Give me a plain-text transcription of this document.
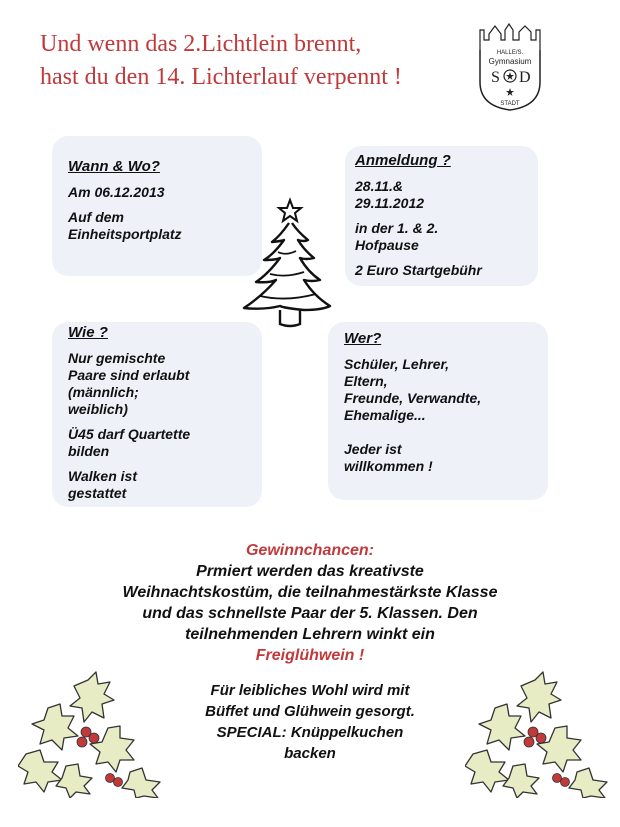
Und wenn das 2.Lichtlein brennt,
hast du den 14. Lichterlauf verpennt !
HALLE/S.
Gymnasium
S D
STADT
Wann & Wo?
Am 06.12.2013
Auf dem
Einheitsportplatz
Anmeldung ?
28.11.&
29.11.2012
in der 1. & 2.
Hofpause
2 Euro Startgebühr
Wie ?
Nur gemischte
Paare sind erlaubt
(männlich;
weiblich)
Ü45 darf Quartette
bilden
Walken ist
gestattet
Wer?
Schüler, Lehrer,
Eltern,
Freunde, Verwandte,
Ehemalige...
Jeder ist
willkommen !
Gewinnchancen:
Prmiert werden das kreativste
Weihnachtskostüm, die teilnahmestärkste Klasse
und das schnellste Paar der 5. Klassen. Den
teilnehmenden Lehrern winkt ein
Freiglühwein !
Für leibliches Wohl wird mit
Büffet und Glühwein gesorgt.
SPECIAL: Knüppelkuchen
backen
